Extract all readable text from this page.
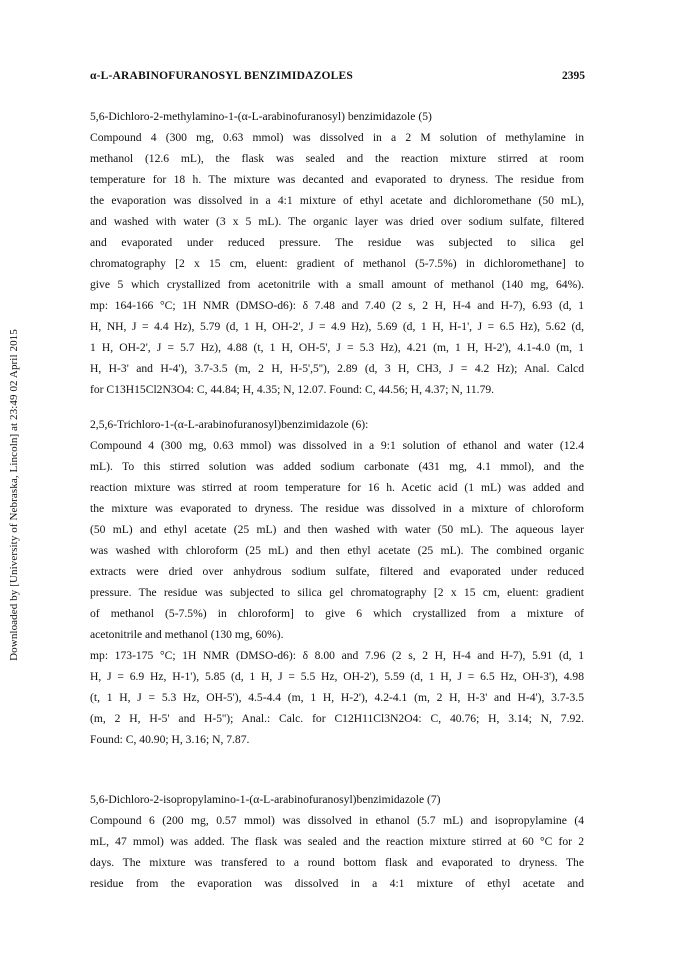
Downloaded by [University of Nebraska, Lincoln] at 23:49 02 April 2015
α-L-ARABINOFURANOSYL BENZIMIDAZOLES	2395
5,6-Dichloro-2-methylamino-1-(α-L-arabinofuranosyl) benzimidazole (5)
Compound 4 (300 mg, 0.63 mmol) was dissolved in a 2 M solution of methylamine in
methanol (12.6 mL), the flask was sealed and the reaction mixture stirred at room
temperature for 18 h. The mixture was decanted and evaporated to dryness. The residue from
the evaporation was dissolved in a 4:1 mixture of ethyl acetate and dichloromethane (50 mL),
and washed with water (3 x 5 mL). The organic layer was dried over sodium sulfate, filtered
and evaporated under reduced pressure. The residue was subjected to silica gel
chromatography [2 x 15 cm, eluent: gradient of methanol (5-7.5%) in dichloromethane] to
give 5 which crystallized from acetonitrile with a small amount of methanol (140 mg, 64%).
mp: 164-166 °C; 1H NMR (DMSO-d6): δ 7.48 and 7.40 (2 s, 2 H, H-4 and H-7), 6.93 (d, 1
H, NH, J = 4.4 Hz), 5.79 (d, 1 H, OH-2', J = 4.9 Hz), 5.69 (d, 1 H, H-1', J = 6.5 Hz), 5.62 (d,
1 H, OH-2', J = 5.7 Hz), 4.88 (t, 1 H, OH-5', J = 5.3 Hz), 4.21 (m, 1 H, H-2'), 4.1-4.0 (m, 1
H, H-3' and H-4'), 3.7-3.5 (m, 2 H, H-5',5''), 2.89 (d, 3 H, CH3, J = 4.2 Hz); Anal. Calcd
for C13H15Cl2N3O4: C, 44.84; H, 4.35; N, 12.07. Found: C, 44.56; H, 4.37; N, 11.79.
2,5,6-Trichloro-1-(α-L-arabinofuranosyl)benzimidazole (6):
Compound 4 (300 mg, 0.63 mmol) was dissolved in a 9:1 solution of ethanol and water (12.4
mL). To this stirred solution was added sodium carbonate (431 mg, 4.1 mmol), and the
reaction mixture was stirred at room temperature for 16 h. Acetic acid (1 mL) was added and
the mixture was evaporated to dryness. The residue was dissolved in a mixture of chloroform
(50 mL) and ethyl acetate (25 mL) and then washed with water (50 mL). The aqueous layer
was washed with chloroform (25 mL) and then ethyl acetate (25 mL). The combined organic
extracts were dried over anhydrous sodium sulfate, filtered and evaporated under reduced
pressure. The residue was subjected to silica gel chromatography [2 x 15 cm, eluent: gradient
of methanol (5-7.5%) in chloroform] to give 6 which crystallized from a mixture of
acetonitrile and methanol (130 mg, 60%).
mp: 173-175 °C; 1H NMR (DMSO-d6): δ 8.00 and 7.96 (2 s, 2 H, H-4 and H-7), 5.91 (d, 1
H, J = 6.9 Hz, H-1'), 5.85 (d, 1 H, J = 5.5 Hz, OH-2'), 5.59 (d, 1 H, J = 6.5 Hz, OH-3'), 4.98
(t, 1 H, J = 5.3 Hz, OH-5'), 4.5-4.4 (m, 1 H, H-2'), 4.2-4.1 (m, 2 H, H-3' and H-4'), 3.7-3.5
(m, 2 H, H-5' and H-5''); Anal.: Calc. for C12H11Cl3N2O4: C, 40.76; H, 3.14; N, 7.92.
Found: C, 40.90; H, 3.16; N, 7.87.
5,6-Dichloro-2-isopropylamino-1-(α-L-arabinofuranosyl)benzimidazole (7)
Compound 6 (200 mg, 0.57 mmol) was dissolved in ethanol (5.7 mL) and isopropylamine (4
mL, 47 mmol) was added. The flask was sealed and the reaction mixture stirred at 60 °C for 2
days. The mixture was transfered to a round bottom flask and evaporated to dryness. The
residue from the evaporation was dissolved in a 4:1 mixture of ethyl acetate and
